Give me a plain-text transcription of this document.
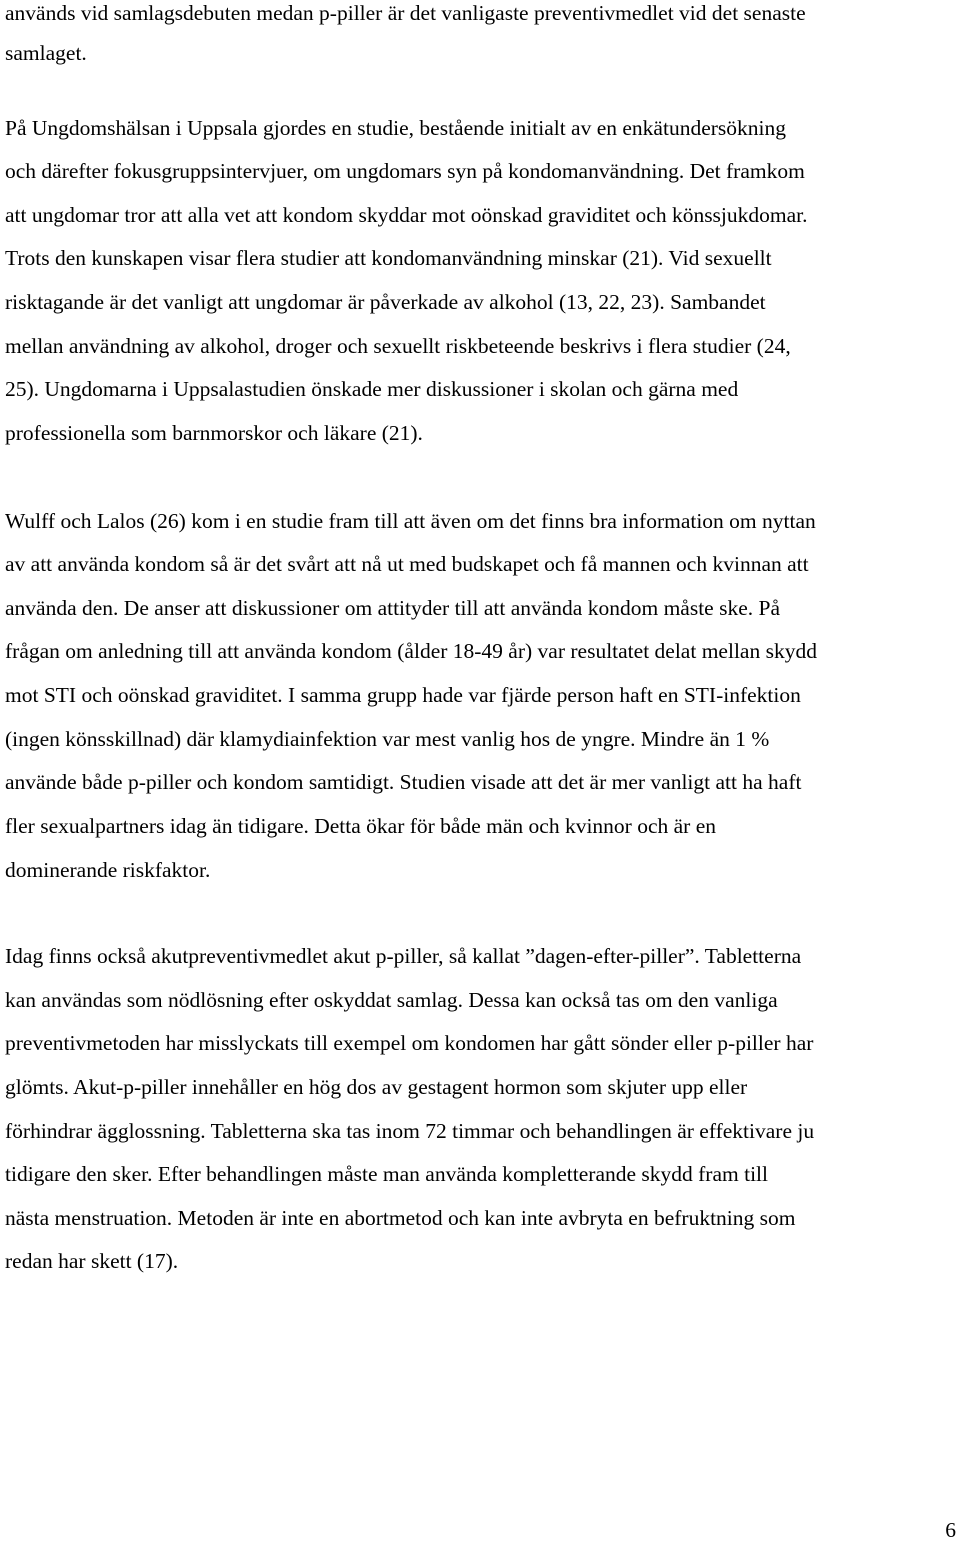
används vid samlagsdebuten medan p-piller är det vanligaste preventivmedlet vid det senaste
samlaget.
På Ungdomshälsan i Uppsala gjordes en studie, bestående initialt av en enkätundersökning
och därefter fokusgruppsintervjuer, om ungdomars syn på kondomanvändning. Det framkom
att ungdomar tror att alla vet att kondom skyddar mot oönskad graviditet och könssjukdomar.
Trots den kunskapen visar flera studier att kondomanvändning minskar (21). Vid sexuellt
risktagande är det vanligt att ungdomar är påverkade av alkohol (13, 22, 23). Sambandet
mellan användning av alkohol, droger och sexuellt riskbeteende beskrivs i flera studier (24,
25). Ungdomarna i Uppsalastudien önskade mer diskussioner i skolan och gärna med
professionella som barnmorskor och läkare (21).
Wulff och Lalos (26) kom i en studie fram till att även om det finns bra information om nyttan
av att använda kondom så är det svårt att nå ut med budskapet och få mannen och kvinnan att
använda den. De anser att diskussioner om attityder till att använda kondom måste ske. På
frågan om anledning till att använda kondom (ålder 18-49 år) var resultatet delat mellan skydd
mot STI och oönskad graviditet. I samma grupp hade var fjärde person haft en STI-infektion
(ingen könsskillnad) där klamydiainfektion var mest vanlig hos de yngre. Mindre än 1 %
använde både p-piller och kondom samtidigt. Studien visade att det är mer vanligt att ha haft
fler sexualpartners idag än tidigare. Detta ökar för både män och kvinnor och är en
dominerande riskfaktor.
Idag finns också akutpreventivmedlet akut p-piller, så kallat ”dagen-efter-piller”. Tabletterna
kan användas som nödlösning efter oskyddat samlag. Dessa kan också tas om den vanliga
preventivmetoden har misslyckats till exempel om kondomen har gått sönder eller p-piller har
glömts. Akut-p-piller innehåller en hög dos av gestagent hormon som skjuter upp eller
förhindrar ägglossning. Tabletterna ska tas inom 72 timmar och behandlingen är effektivare ju
tidigare den sker. Efter behandlingen måste man använda kompletterande skydd fram till
nästa menstruation. Metoden är inte en abortmetod och kan inte avbryta en befruktning som
redan har skett (17).
6
